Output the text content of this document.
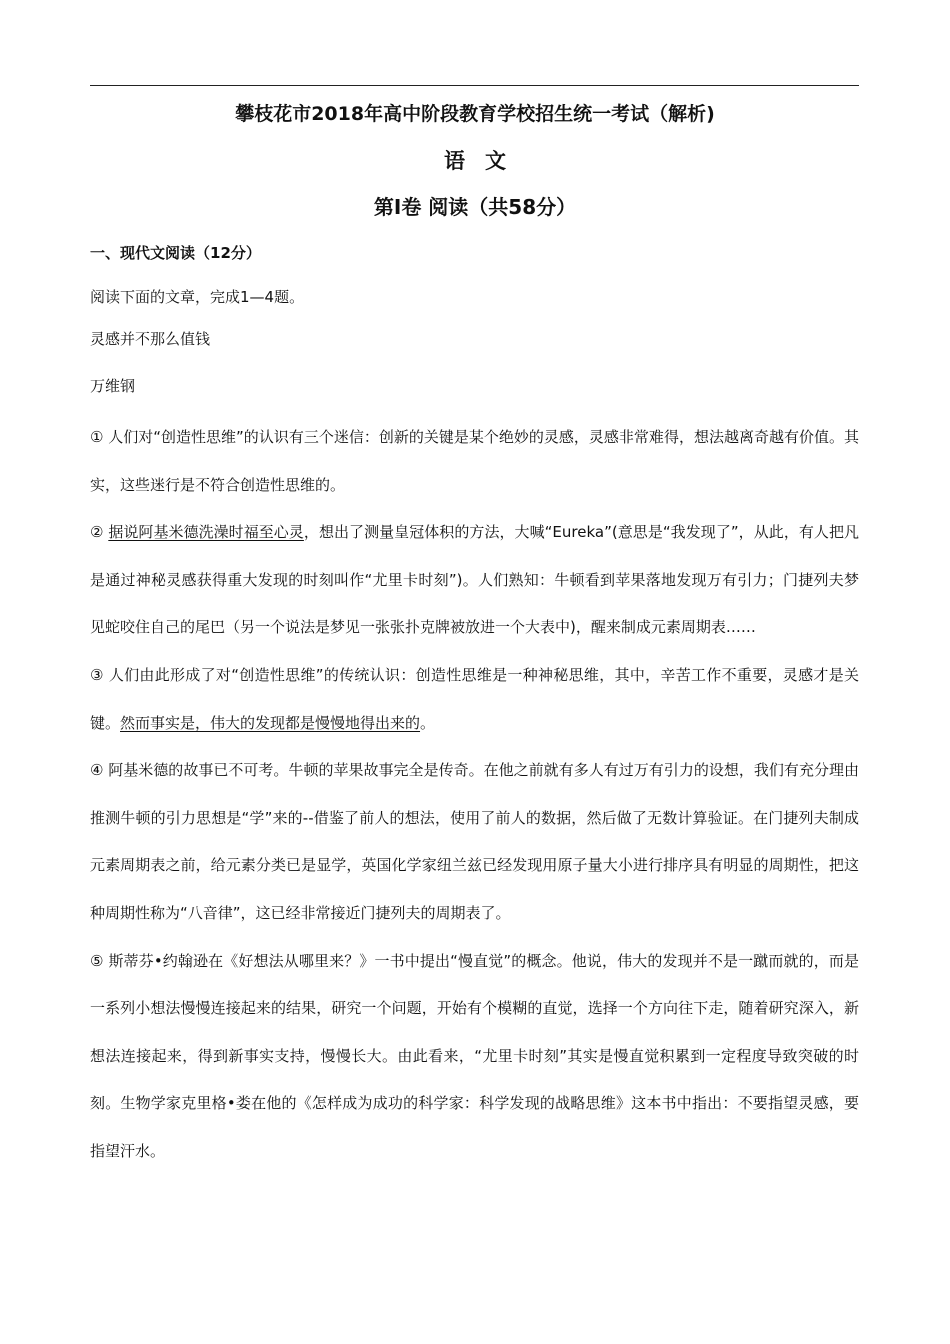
攀枝花市2018年高中阶段教育学校招生统一考试（解析)
语文
第Ⅰ卷 阅读（共58分）
一、现代文阅读（12分）
阅读下面的文章，完成1—4题。
灵感并不那么值钱
万维钢

① 人们对“创造性思维”的认识有三个迷信：创新的关键是某个绝妙的灵感，灵感非常难得，想法越离奇越有价值。其实，这些迷行是不符合创造性思维的。

② 据说阿基米德洗澡时福至心灵，想出了测量皇冠体积的方法，大喊“Eureka”(意思是“我发现了”，从此，有人把凡是通过神秘灵感获得重大发现的时刻叫作“尤里卡时刻”)。人们熟知：牛顿看到苹果落地发现万有引力；门捷列夫梦见蛇咬住自己的尾巴（另一个说法是梦见一张张扑克牌被放进一个大表中)，醒来制成元素周期表……

③ 人们由此形成了对“创造性思维”的传统认识：创造性思维是一种神秘思维，其中，辛苦工作不重要，灵感才是关键。然而事实是，伟大的发现都是慢慢地得出来的。

④ 阿基米德的故事已不可考。牛顿的苹果故事完全是传奇。在他之前就有多人有过万有引力的设想，我们有充分理由推测牛顿的引力思想是“学”来的--借鉴了前人的想法，使用了前人的数据，然后做了无数计算验证。在门捷列夫制成元素周期表之前，给元素分类已是显学，英国化学家纽兰兹已经发现用原子量大小进行排序具有明显的周期性，把这种周期性称为“八音律”，这已经非常接近门捷列夫的周期表了。

⑤ 斯蒂芬•约翰逊在《好想法从哪里来？》一书中提出“慢直觉”的概念。他说，伟大的发现并不是一蹴而就的，而是一系列小想法慢慢连接起来的结果，研究一个问题，开始有个模糊的直觉，选择一个方向往下走，随着研究深入，新想法连接起来，得到新事实支持，慢慢长大。由此看来，“尤里卡时刻”其实是慢直觉积累到一定程度导致突破的时刻。生物学家克里格•娄在他的《怎样成为成功的科学家：科学发现的战略思维》这本书中指出：不要指望灵感，要指望汗水。
